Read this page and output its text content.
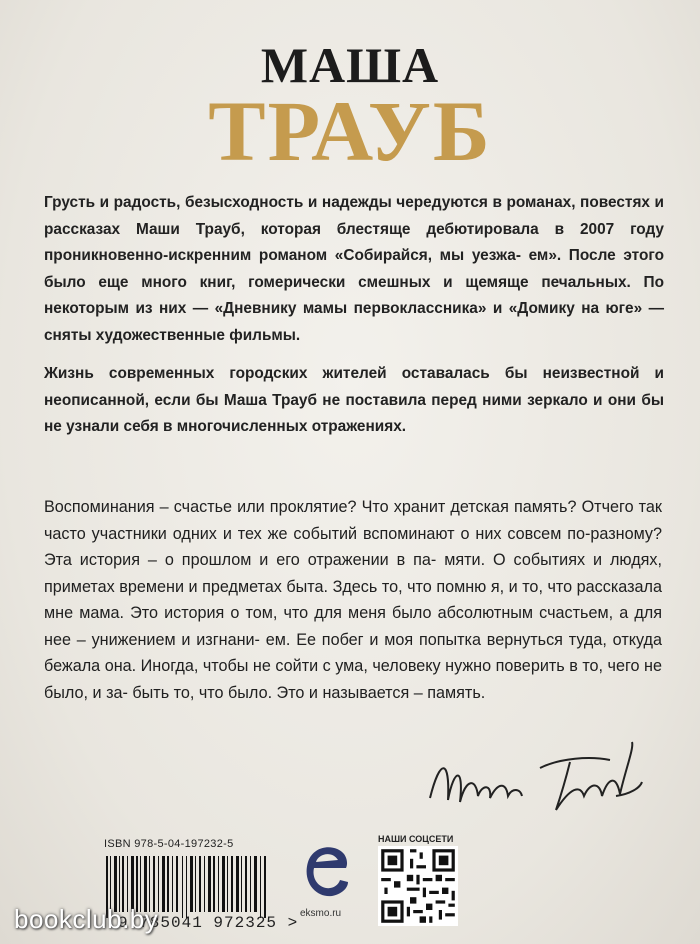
МАША
ТРАУБ

Грусть и радость, безысходность и надежды чередуются в романах, повестях и рассказах Маши Трауб, которая блестяще дебютировала в 2007 году проникновенно-искренним романом «Собирайся, мы уезжа- ем». После этого было еще много книг, гомерически смешных и щемяще печальных. По некоторым из них — «Дневнику мамы первоклассника» и «Домику на юге» — сняты художественные фильмы.

Жизнь современных городских жителей оставалась бы неизвестной и неописанной, если бы Маша Трауб не поставила перед ними зеркало и они бы не узнали себя в многочисленных отражениях.

Воспоминания – счастье или проклятие? Что хранит детская память? Отчего так часто участники одних и тех же событий вспоминают о них совсем по-разному? Эта история – о прошлом и его отражении в па- мяти. О событиях и людях, приметах времени и предметах быта. Здесь то, что помню я, и то, что рассказала мне мама. Это история о том, что для меня было абсолютным счастьем, а для нее – унижением и изгнани- ем. Ее побег и моя попытка вернуться туда, откуда бежала она. Иногда, чтобы не сойти с ума, человеку нужно поверить в то, чего не было, и за- быть то, что было. Это и называется – память.
ISBN 978-5-04-197232-5
9 785041 972325 >
eksmo.ru
НАШИ СОЦСЕТИ
bookclub.by
